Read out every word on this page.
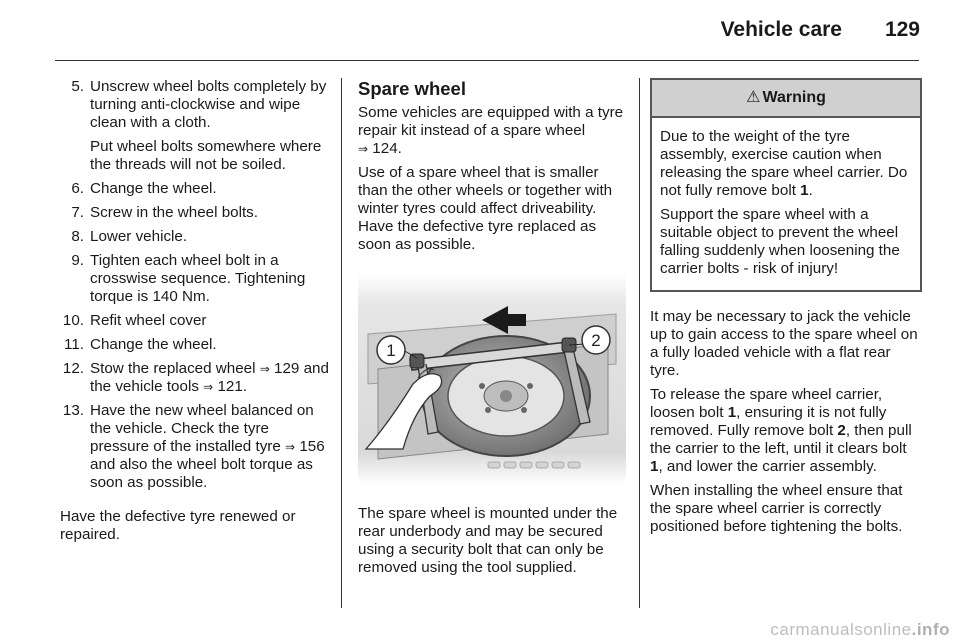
Vehicle care 129
5. Unscrew wheel bolts completely by turning anti-clockwise and wipe clean with a cloth.
Put wheel bolts somewhere where the threads will not be soiled.
6. Change the wheel.
7. Screw in the wheel bolts.
8. Lower vehicle.
9. Tighten each wheel bolt in a crosswise sequence. Tightening torque is 140 Nm.
10. Refit wheel cover
11. Change the wheel.
12. Stow the replaced wheel ⇒ 129 and the vehicle tools ⇒ 121.
13. Have the new wheel balanced on the vehicle. Check the tyre pressure of the installed tyre ⇒ 156 and also the wheel bolt torque as soon as possible.
Have the defective tyre renewed or repaired.
Spare wheel
Some vehicles are equipped with a tyre repair kit instead of a spare wheel ⇒ 124.
Use of a spare wheel that is smaller than the other wheels or together with winter tyres could affect driveability. Have the defective tyre replaced as soon as possible.
1
2
The spare wheel is mounted under the rear underbody and may be secured using a security bolt that can only be removed using the tool supplied.
⚠ Warning
Due to the weight of the tyre assembly, exercise caution when releasing the spare wheel carrier. Do not fully remove bolt 1.
Support the spare wheel with a suitable object to prevent the wheel falling suddenly when loosening the carrier bolts - risk of injury!
It may be necessary to jack the vehicle up to gain access to the spare wheel on a fully loaded vehicle with a flat rear tyre.
To release the spare wheel carrier, loosen bolt 1, ensuring it is not fully removed. Fully remove bolt 2, then pull the carrier to the left, until it clears bolt 1, and lower the carrier assembly.
When installing the wheel ensure that the spare wheel carrier is correctly positioned before tightening the bolts.
carmanualsonline.info
